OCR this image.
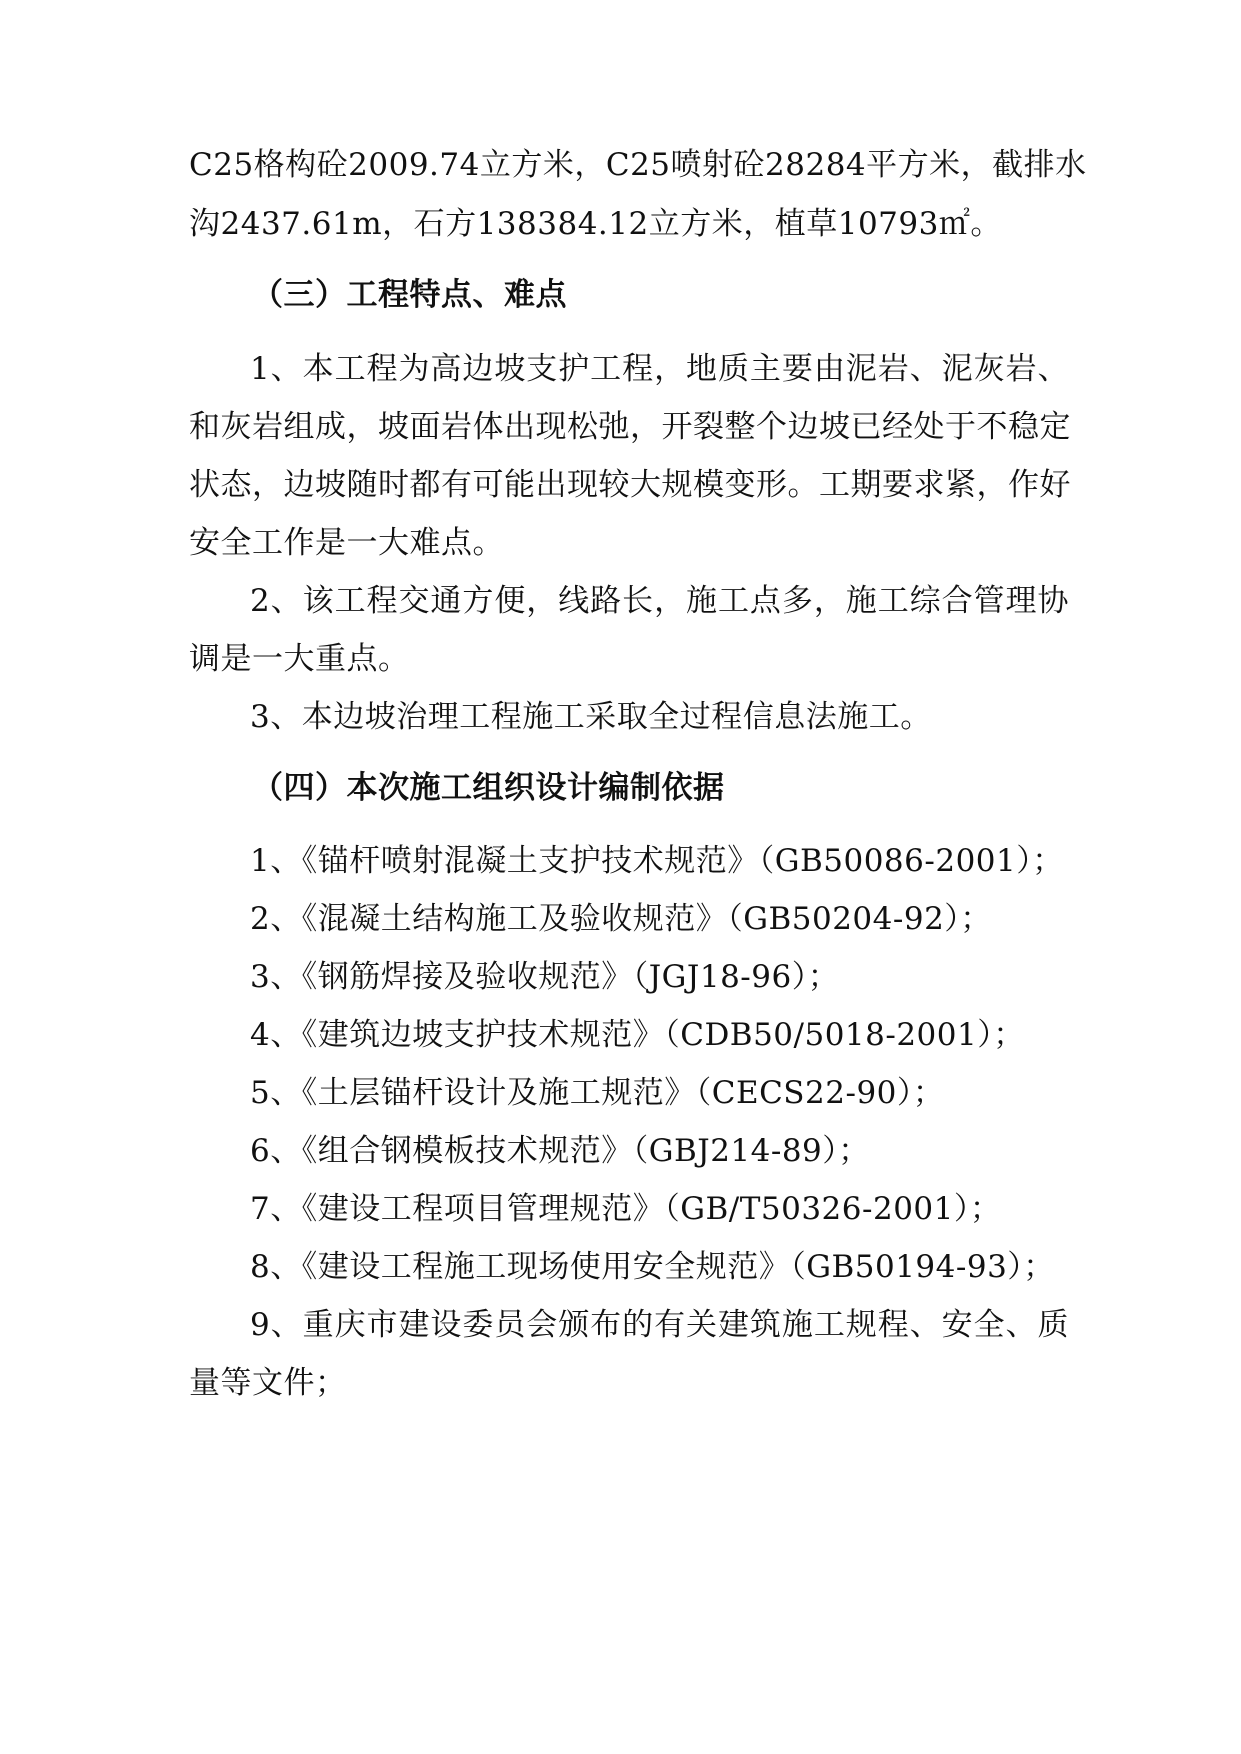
C25格构砼2009.74立方米，C25喷射砼28284平方米，截排水
沟2437.61m，石方138384.12立方米，植草10793㎡。
（三）工程特点、难点
1、本工程为高边坡支护工程，地质主要由泥岩、泥灰岩、
和灰岩组成，坡面岩体出现松弛，开裂整个边坡已经处于不稳定
状态，边坡随时都有可能出现较大规模变形。工期要求紧，作好
安全工作是一大难点。
2、该工程交通方便，线路长，施工点多，施工综合管理协
调是一大重点。
3、本边坡治理工程施工采取全过程信息法施工。
（四）本次施工组织设计编制依据
1、《锚杆喷射混凝土支护技术规范》（GB50086-2001）；
2、《混凝土结构施工及验收规范》（GB50204-92）；
3、《钢筋焊接及验收规范》（JGJ18-96）；
4、《建筑边坡支护技术规范》（CDB50/5018-2001）；
5、《土层锚杆设计及施工规范》（CECS22-90）；
6、《组合钢模板技术规范》（GBJ214-89）；
7、《建设工程项目管理规范》（GB/T50326-2001）；
8、《建设工程施工现场使用安全规范》（GB50194-93）；
9、重庆市建设委员会颁布的有关建筑施工规程、安全、质
量等文件；
